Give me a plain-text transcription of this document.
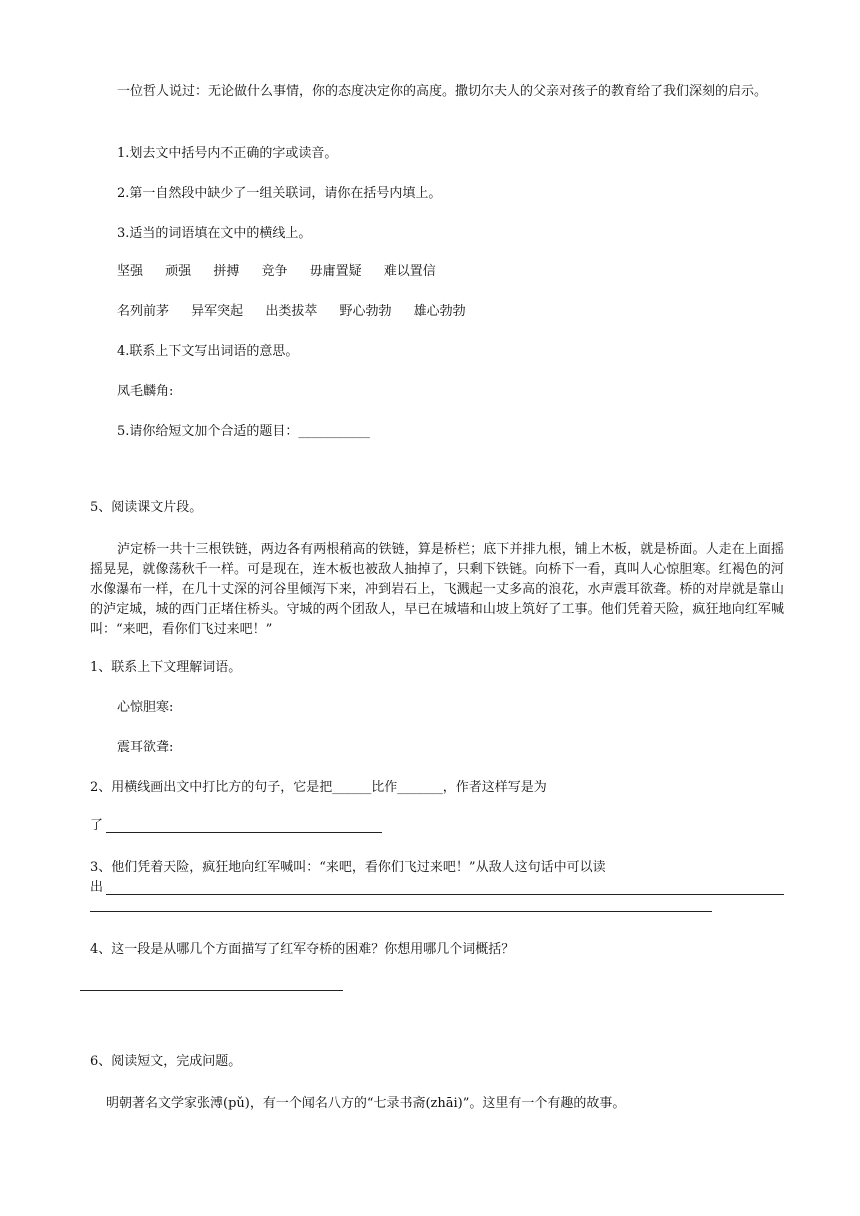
一位哲人说过：无论做什么事情，你的态度决定你的高度。撒切尔夫人的父亲对孩子的教育给了我们深刻的启示。

1.划去文中括号内不正确的字或读音。

2.第一自然段中缺少了一组关联词，请你在括号内填上。

3.适当的词语填在文中的横线上。

坚强 顽强 拼搏 竞争 毋庸置疑 难以置信
名列前茅 异军突起 出类拔萃 野心勃勃 雄心勃勃

4.联系上下文写出词语的意思。

凤毛麟角:

5.请你给短文加个合适的题目：___________

5、阅读课文片段。

泸定桥一共十三根铁链，两边各有两根稍高的铁链，算是桥栏；底下并排九根，铺上木板，就是桥面。人走在上面摇摇晃晃，就像荡秋千一样。可是现在，连木板也被敌人抽掉了，只剩下铁链。向桥下一看，真叫人心惊胆寒。红褐色的河水像瀑布一样，在几十丈深的河谷里倾泻下来，冲到岩石上，飞溅起一丈多高的浪花，水声震耳欲聋。桥的对岸就是靠山的泸定城，城的西门正堵住桥头。守城的两个团敌人，早已在城墙和山坡上筑好了工事。他们凭着天险，疯狂地向红军喊叫：“来吧，看你们飞过来吧！”

1、联系上下文理解词语。

心惊胆寒:

震耳欲聋:

2、用横线画出文中打比方的句子，它是把______比作_______，作者这样写是为

了

3、他们凭着天险，疯狂地向红军喊叫：“来吧，看你们飞过来吧！”从敌人这句话中可以读

出

4、这一段是从哪几个方面描写了红军夺桥的困难？你想用哪几个词概括？

6、阅读短文，完成问题。

明朝著名文学家张溥(pǔ)，有一个闻名八方的“七录书斋(zhāi)”。这里有一个有趣的故事。
